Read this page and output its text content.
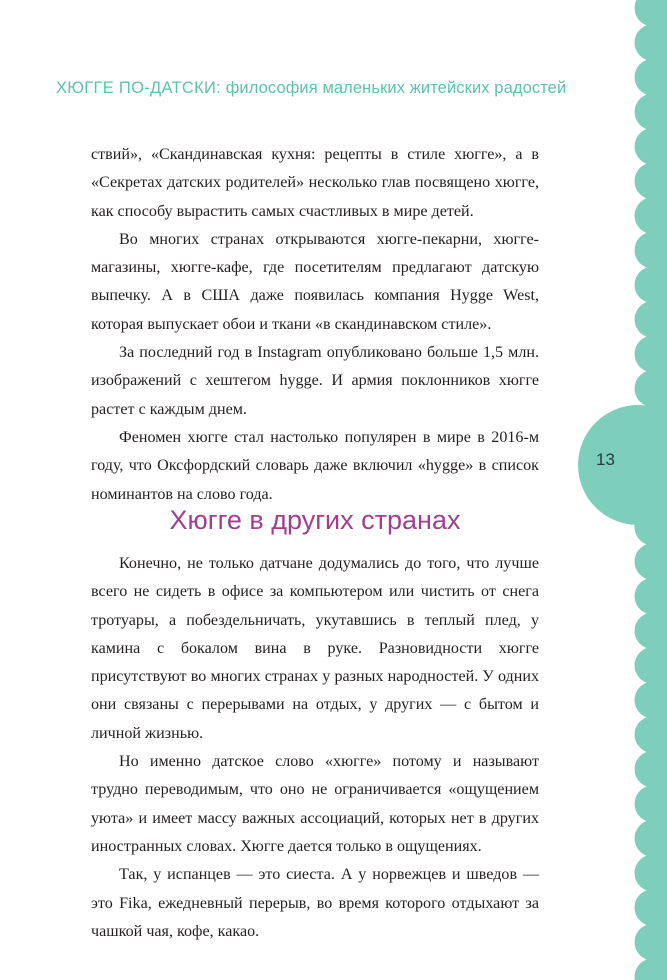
13
ХЮГГЕ ПО-ДАТСКИ: философия маленьких житейских радостей

ствий», «Скандинавская кухня: рецепты в стиле хюгге», а в «Секретах датских родителей» несколько глав посвящено хюгге, как способу вырастить самых счастливых в мире детей.

Во многих странах открываются хюгге-пекарни, хюгге-магазины, хюгге-кафе, где посетителям предлагают датскую выпечку. А в США даже появилась компания Hygge West, которая выпускает обои и ткани «в скандинавском стиле».

За последний год в Instagram опубликовано больше 1,5 млн. изображений с хештегом hygge. И армия поклонников хюгге растет с каждым днем.

Феномен хюгге стал настолько популярен в мире в 2016-м году, что Оксфордский словарь даже включил «hygge» в список номинантов на слово года.

Хюгге в других странах

Конечно, не только датчане додумались до того, что лучше всего не сидеть в офисе за компьютером или чистить от снега тротуары, а побездельничать, укутавшись в теплый плед, у камина с бокалом вина в руке. Разновидности хюгге присутствуют во многих странах у разных народностей. У одних они связаны с перерывами на отдых, у других — с бытом и личной жизнью.

Но именно датское слово «хюгге» потому и называют трудно переводимым, что оно не ограничивается «ощущением уюта» и имеет массу важных ассоциаций, которых нет в других иностранных словах. Хюгге дается только в ощущениях.

Так, у испанцев — это сиеста. А у норвежцев и шведов — это Fika, ежедневный перерыв, во время которого отдыхают за чашкой чая, кофе, какао.
